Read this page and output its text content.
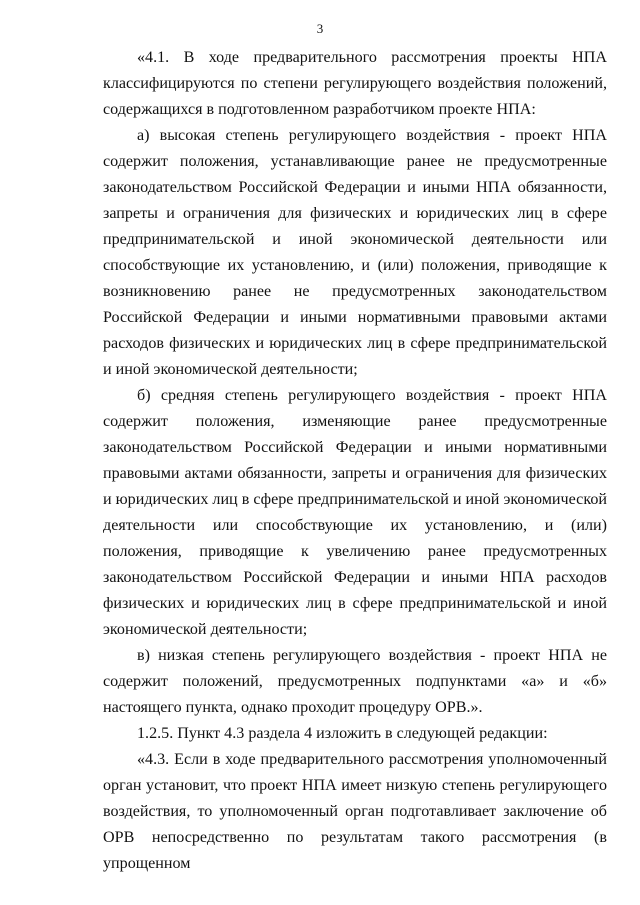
3

«4.1. В ходе предварительного рассмотрения проекты НПА классифицируются по степени регулирующего воздействия положений, содержащихся в подготовленном разработчиком проекте НПА:

а) высокая степень регулирующего воздействия - проект НПА содержит положения, устанавливающие ранее не предусмотренные законодательством Российской Федерации и иными НПА обязанности, запреты и ограничения для физических и юридических лиц в сфере предпринимательской и иной экономической деятельности или способствующие их установлению, и (или) положения, приводящие к возникновению ранее не предусмотренных законодательством Российской Федерации и иными нормативными правовыми актами расходов физических и юридических лиц в сфере предпринимательской и иной экономической деятельности;

б) средняя степень регулирующего воздействия - проект НПА содержит положения, изменяющие ранее предусмотренные законодательством Российской Федерации и иными нормативными правовыми актами обязанности, запреты и ограничения для физических и юридических лиц в сфере предпринимательской и иной экономической деятельности или способствующие их установлению, и (или) положения, приводящие к увеличению ранее предусмотренных законодательством Российской Федерации и иными НПА расходов физических и юридических лиц в сфере предпринимательской и иной экономической деятельности;

в) низкая степень регулирующего воздействия - проект НПА не содержит положений, предусмотренных подпунктами «а» и «б» настоящего пункта, однако проходит процедуру ОРВ.».

1.2.5. Пункт 4.3 раздела 4 изложить в следующей редакции:

«4.3. Если в ходе предварительного рассмотрения уполномоченный орган установит, что проект НПА имеет низкую степень регулирующего воздействия, то уполномоченный орган подготавливает заключение об ОРВ непосредственно по результатам такого рассмотрения (в упрощенном
